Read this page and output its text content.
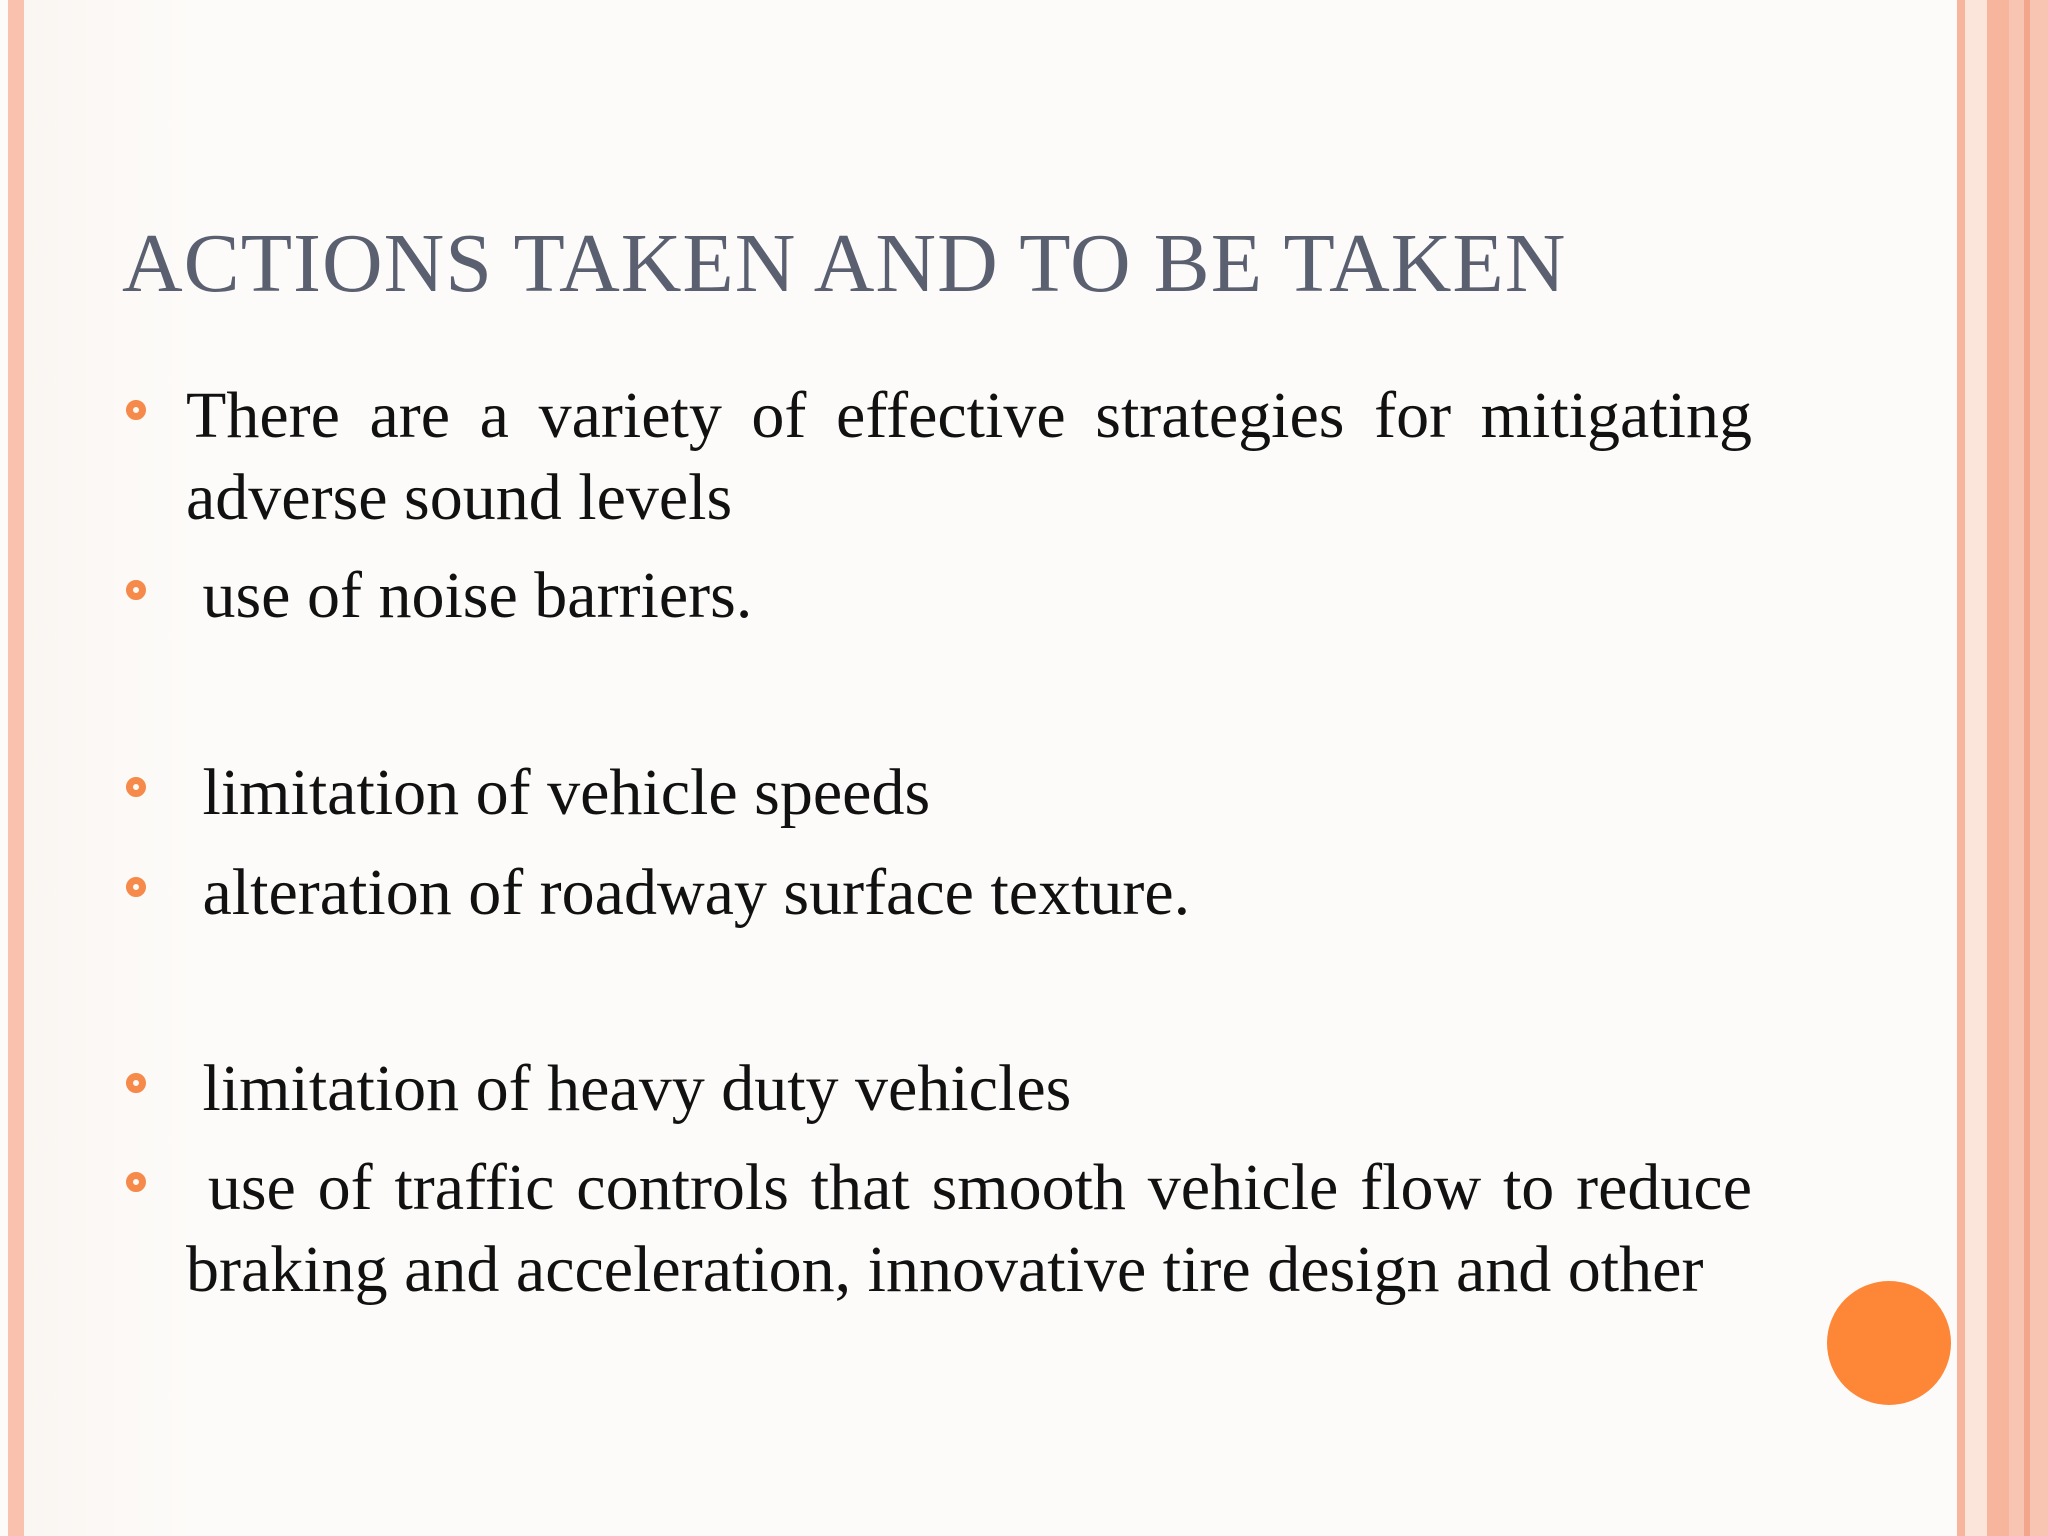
ACTIONS TAKEN AND TO BE TAKEN

There are a variety of effective strategies for mitigating adverse sound levels

use of noise barriers.

limitation of vehicle speeds

alteration of roadway surface texture.

limitation of heavy duty vehicles

use of traffic controls that smooth vehicle flow to reduce braking and acceleration, innovative tire design and other
